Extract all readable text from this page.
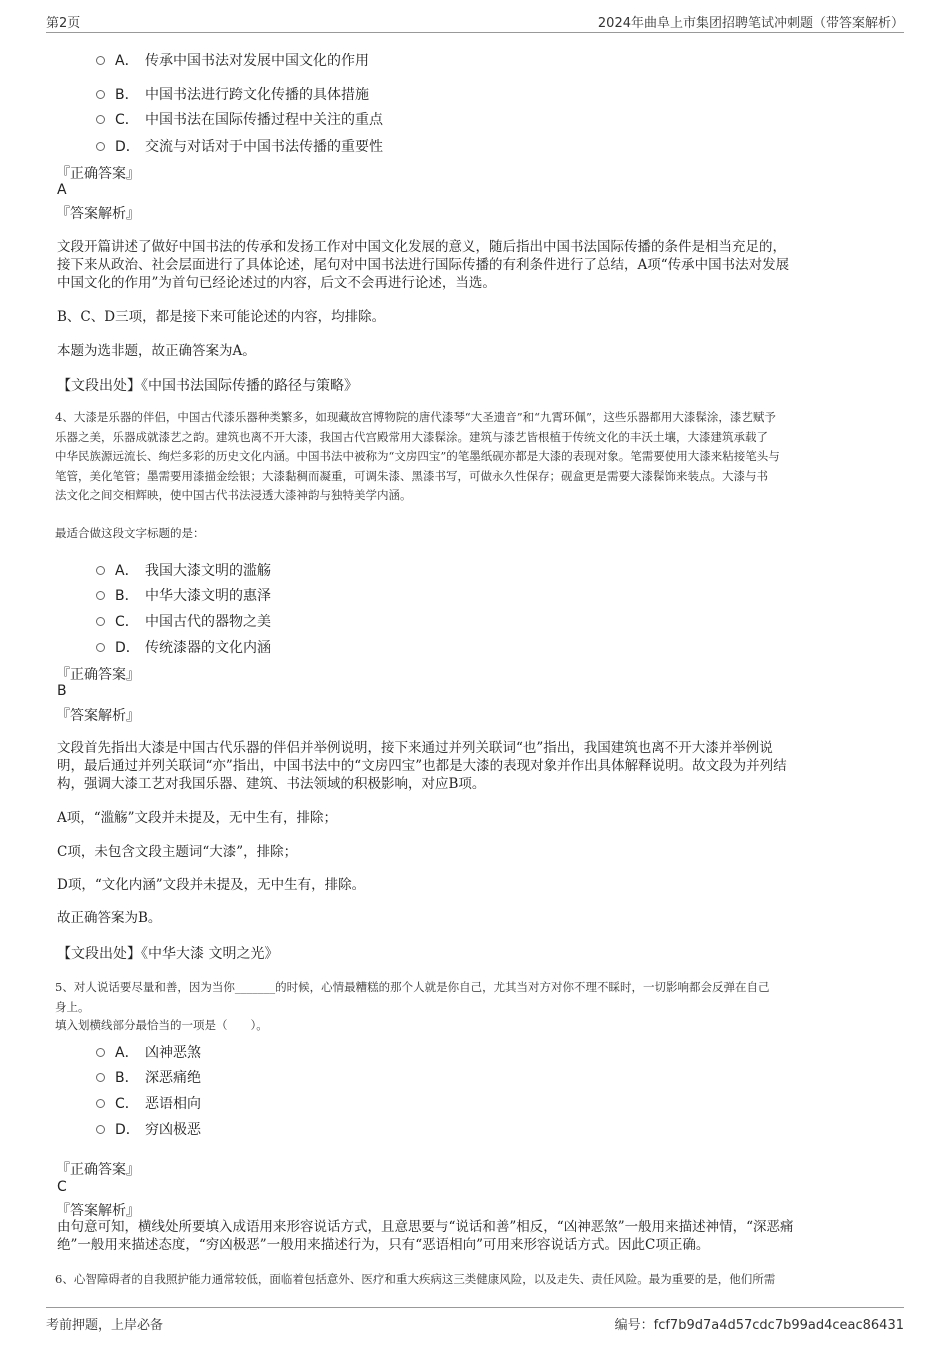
第2页	2024年曲阜上市集团招聘笔试冲刺题（带答案解析）
A． 传承中国书法对发展中国文化的作用
B． 中国书法进行跨文化传播的具体措施
C． 中国书法在国际传播过程中关注的重点
D． 交流与对话对于中国书法传播的重要性
『正确答案』
A
『答案解析』
文段开篇讲述了做好中国书法的传承和发扬工作对中国文化发展的意义，随后指出中国书法国际传播的条件是相当充足的，
接下来从政治、社会层面进行了具体论述，尾句对中国书法进行国际传播的有利条件进行了总结，A项“传承中国书法对发展
中国文化的作用”为首句已经论述过的内容，后文不会再进行论述，当选。
B、C、D三项，都是接下来可能论述的内容，均排除。
本题为选非题，故正确答案为A。
【文段出处】《中国书法国际传播的路径与策略》
4、大漆是乐器的伴侣，中国古代漆乐器种类繁多，如现藏故宫博物院的唐代漆琴“大圣遗音”和“九霄环佩”，这些乐器都用大漆髹涂，漆艺赋予
乐器之美，乐器成就漆艺之韵。建筑也离不开大漆，我国古代宫殿常用大漆髹涂。建筑与漆艺皆根植于传统文化的丰沃土壤，大漆建筑承载了
中华民族源远流长、绚烂多彩的历史文化内涵。中国书法中被称为“文房四宝”的笔墨纸砚亦都是大漆的表现对象。笔需要使用大漆来粘接笔头与
笔管，美化笔管；墨需要用漆描金绘银；大漆黏稠而凝重，可调朱漆、黑漆书写，可做永久性保存；砚盒更是需要大漆髹饰来装点。大漆与书
法文化之间交相辉映，使中国古代书法浸透大漆神韵与独特美学内涵。
最适合做这段文字标题的是：
A． 我国大漆文明的滥觞
B． 中华大漆文明的惠泽
C． 中国古代的器物之美
D． 传统漆器的文化内涵
『正确答案』
B
『答案解析』
文段首先指出大漆是中国古代乐器的伴侣并举例说明，接下来通过并列关联词“也”指出，我国建筑也离不开大漆并举例说
明，最后通过并列关联词“亦”指出，中国书法中的“文房四宝”也都是大漆的表现对象并作出具体解释说明。故文段为并列结
构，强调大漆工艺对我国乐器、建筑、书法领域的积极影响，对应B项。
A项，“滥觞”文段并未提及，无中生有，排除；
C项，未包含文段主题词“大漆”，排除；
D项，“文化内涵”文段并未提及，无中生有，排除。
故正确答案为B。
【文段出处】《中华大漆 文明之光》
5、对人说话要尽量和善，因为当你_______的时候，心情最糟糕的那个人就是你自己，尤其当对方对你不理不睬时，一切影响都会反弹在自己
身上。
填入划横线部分最恰当的一项是（　　）。
A． 凶神恶煞
B． 深恶痛绝
C． 恶语相向
D． 穷凶极恶
『正确答案』
C
『答案解析』
由句意可知，横线处所要填入成语用来形容说话方式，且意思要与“说话和善”相反，“凶神恶煞”一般用来描述神情，“深恶痛
绝”一般用来描述态度，“穷凶极恶”一般用来描述行为，只有“恶语相向”可用来形容说话方式。因此C项正确。
6、心智障碍者的自我照护能力通常较低，面临着包括意外、医疗和重大疾病这三类健康风险，以及走失、责任风险。最为重要的是，他们所需
考前押题，上岸必备	编号：fcf7b9d7a4d57cdc7b99ad4ceac86431
